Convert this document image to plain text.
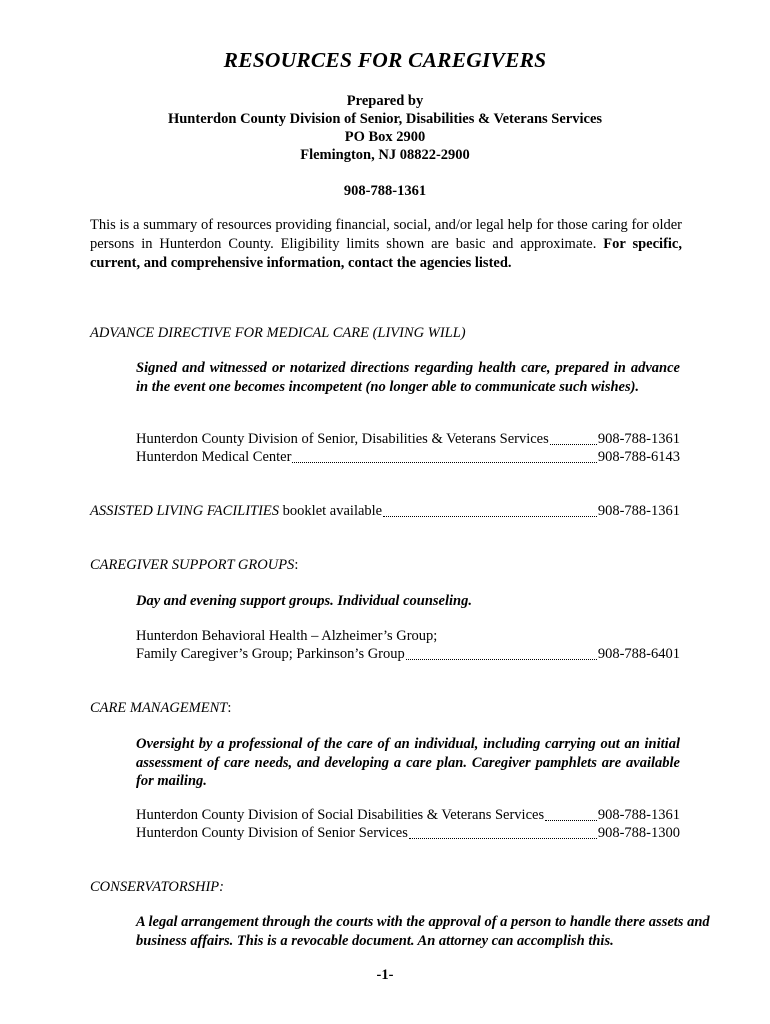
RESOURCES FOR CAREGIVERS
Prepared by
Hunterdon County Division of Senior, Disabilities & Veterans Services
PO Box 2900
Flemington, NJ 08822-2900
908-788-1361
This is a summary of resources providing financial, social, and/or legal help for those caring for older persons in Hunterdon County. Eligibility limits shown are basic and approximate. For specific, current, and comprehensive information, contact the agencies listed.
ADVANCE DIRECTIVE FOR MEDICAL CARE (LIVING WILL)
Signed and witnessed or notarized directions regarding health care, prepared in advance in the event one becomes incompetent (no longer able to communicate such wishes).
Hunterdon County Division of Senior, Disabilities & Veterans Services	908-788-1361
Hunterdon Medical Center	908-788-6143
ASSISTED LIVING FACILITIES booklet available	908-788-1361
CAREGIVER SUPPORT GROUPS:
Day and evening support groups. Individual counseling.
Hunterdon Behavioral Health – Alzheimer’s Group;
Family Caregiver’s Group; Parkinson’s Group	908-788-6401
CARE MANAGEMENT:
Oversight by a professional of the care of an individual, including carrying out an initial assessment of care needs, and developing a care plan. Caregiver pamphlets are available for mailing.
Hunterdon County Division of Social Disabilities & Veterans Services	908-788-1361
Hunterdon County Division of Senior Services	908-788-1300
CONSERVATORSHIP:
A legal arrangement through the courts with the approval of a person to handle there assets and business affairs. This is a revocable document. An attorney can accomplish this.
-1-
